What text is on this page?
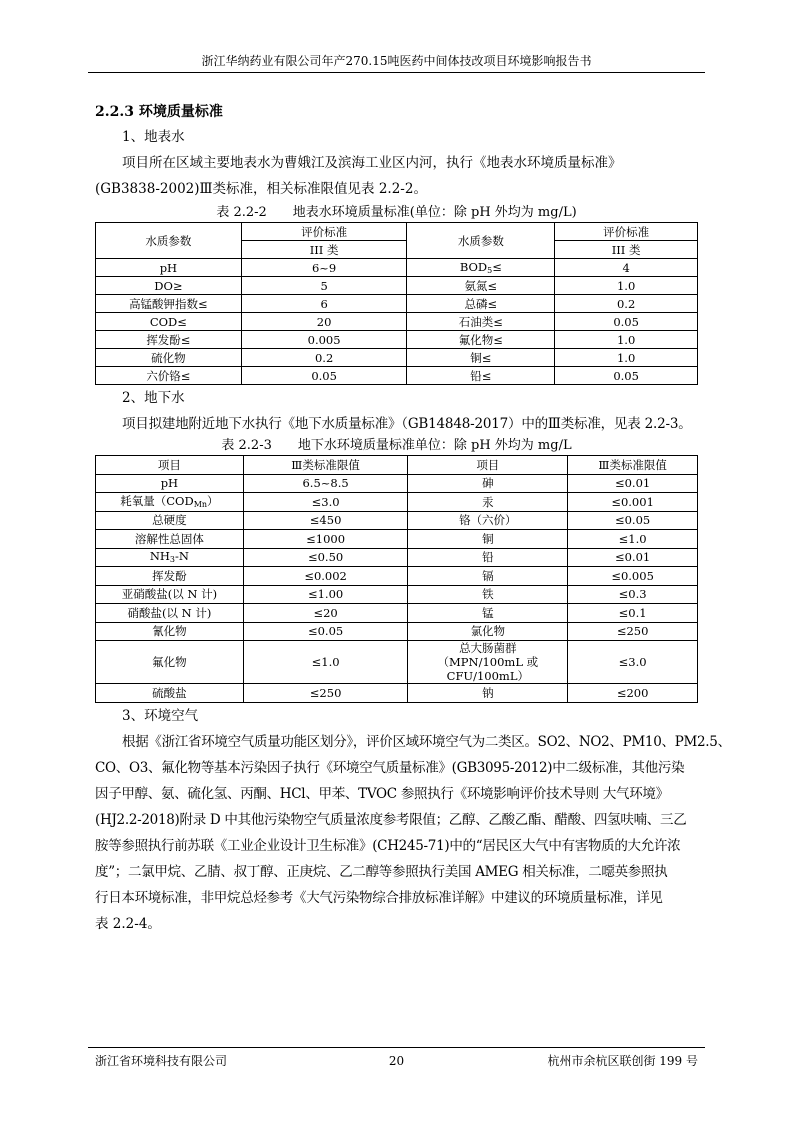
浙江华纳药业有限公司年产270.15吨医药中间体技改项目环境影响报告书
2.2.3 环境质量标准

1、地表水

项目所在区域主要地表水为曹娥江及滨海工业区内河，执行《地表水环境质量标准》

(GB3838-2002)Ⅲ类标准，相关标准限值见表 2.2-2。

表 2.2-2　　地表水环境质量标准(单位：除 pH 外均为 mg/L)

水质参数	评价标准	水质参数	评价标准
	III 类		III 类
pH	6~9	$BOD_5\le$	4
DO≥	5	氨氮≤	1.0
高锰酸钾指数≤	6	总磷≤	0.2
COD≤	20	石油类≤	0.05
挥发酚≤	0.005	氟化物≤	1.0
硫化物	0.2	铜≤	1.0
六价铬≤	0.05	铅≤	0.05

2、地下水

项目拟建地附近地下水执行《地下水质量标准》（GB14848-2017）中的Ⅲ类标准，见表 2.2-3。

表 2.2-3　　地下水环境质量标准单位：除 pH 外均为 mg/L

项目	Ⅲ类标准限值	项目	Ⅲ类标准限值
pH	6.5~8.5	砷	≤0.01
耗氧量$(COD_{Mn})$	≤3.0	汞	≤0.001
总硬度	≤450	铬（六价）	≤0.05
溶解性总固体	≤1000	铜	≤1.0
$NH_3-N$	≤0.50	铅	≤0.01
挥发酚	≤0.002	镉	≤0.005
亚硝酸盐(以 N 计)	≤1.00	铁	≤0.3
硝酸盐(以 N 计)	≤20	锰	≤0.1
氰化物	≤0.05	氯化物	≤250
氟化物	≤1.0	总大肠菌群
（MPN/100mL 或 CFU/100mL）	≤3.0
硫酸盐	≤250	钠	≤200

3、环境空气

根据《浙江省环境空气质量功能区划分》，评价区域环境空气为二类区。SO2、NO2、PM10、PM2.5、
CO、O3、氟化物等基本污染因子执行《环境空气质量标准》(GB3095-2012)中二级标准，其他污染
因子甲醇、氨、硫化氢、丙酮、HCl、甲苯、TVOC 参照执行《环境影响评价技术导则 大气环境》
(HJ2.2-2018)附录 D 中其他污染物空气质量浓度参考限值；乙醇、乙酸乙酯、醋酸、四氢呋喃、三乙
胺等参照执行前苏联《工业企业设计卫生标准》(CH245-71)中的“居民区大气中有害物质的大允许浓
度”；二氯甲烷、乙腈、叔丁醇、正庚烷、乙二醇等参照执行美国 AMEG 相关标准，二噁英参照执
行日本环境标准，非甲烷总烃参考《大气污染物综合排放标准详解》中建议的环境质量标准，详见
表 2.2-4。
浙江省环境科技有限公司	20	杭州市余杭区联创街 199 号
